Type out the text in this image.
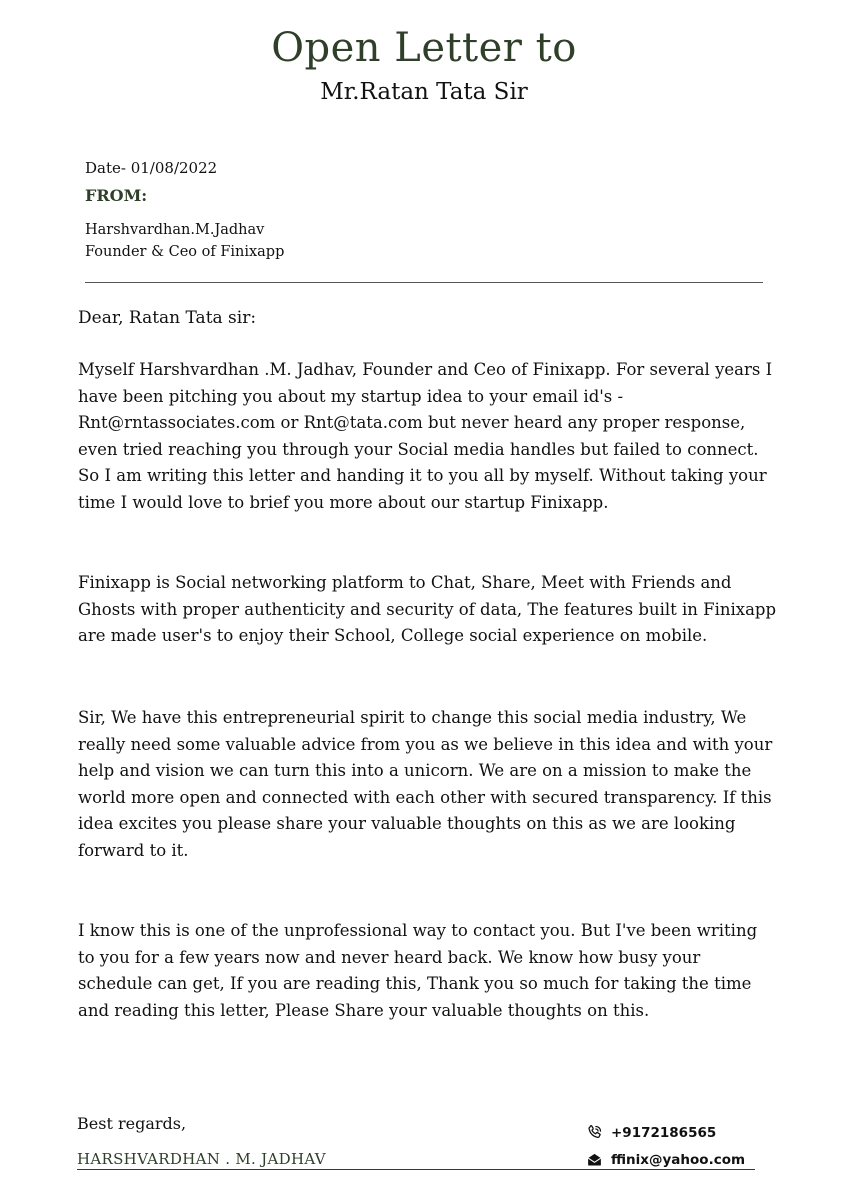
Open Letter to
Mr.Ratan Tata Sir
Date- 01/08/2022
FROM:
Harshvardhan.M.Jadhav
Founder & Ceo of Finixapp
Dear, Ratan Tata sir:

Myself Harshvardhan .M. Jadhav, Founder and Ceo of Finixapp. For several years I have been pitching you about my startup idea to your email id's - Rnt@rntassociates.com or Rnt@tata.com but never heard any proper response, even tried reaching you through your Social media handles but failed to connect. So I am writing this letter and handing it to you all by myself. Without taking your time I would love to brief you more about our startup Finixapp.

Finixapp is Social networking platform to Chat, Share, Meet with Friends and Ghosts with proper authenticity and security of data, The features built in Finixapp are made user's to enjoy their School, College social experience on mobile.

Sir, We have this entrepreneurial spirit to change this social media industry, We really need some valuable advice from you as we believe in this idea and with your help and vision we can turn this into a unicorn. We are on a mission to make the world more open and connected with each other with secured transparency. If this idea excites you please share your valuable thoughts on this as we are looking forward to it.

I know this is one of the unprofessional way to contact you. But I've been writing to you for a few years now and never heard back. We know how busy your schedule can get, If you are reading this, Thank you so much for taking the time and reading this letter, Please Share your valuable thoughts on this.

Best regards,
HARSHVARDHAN . M. JADHAV
+9172186565
ffinix@yahoo.com
